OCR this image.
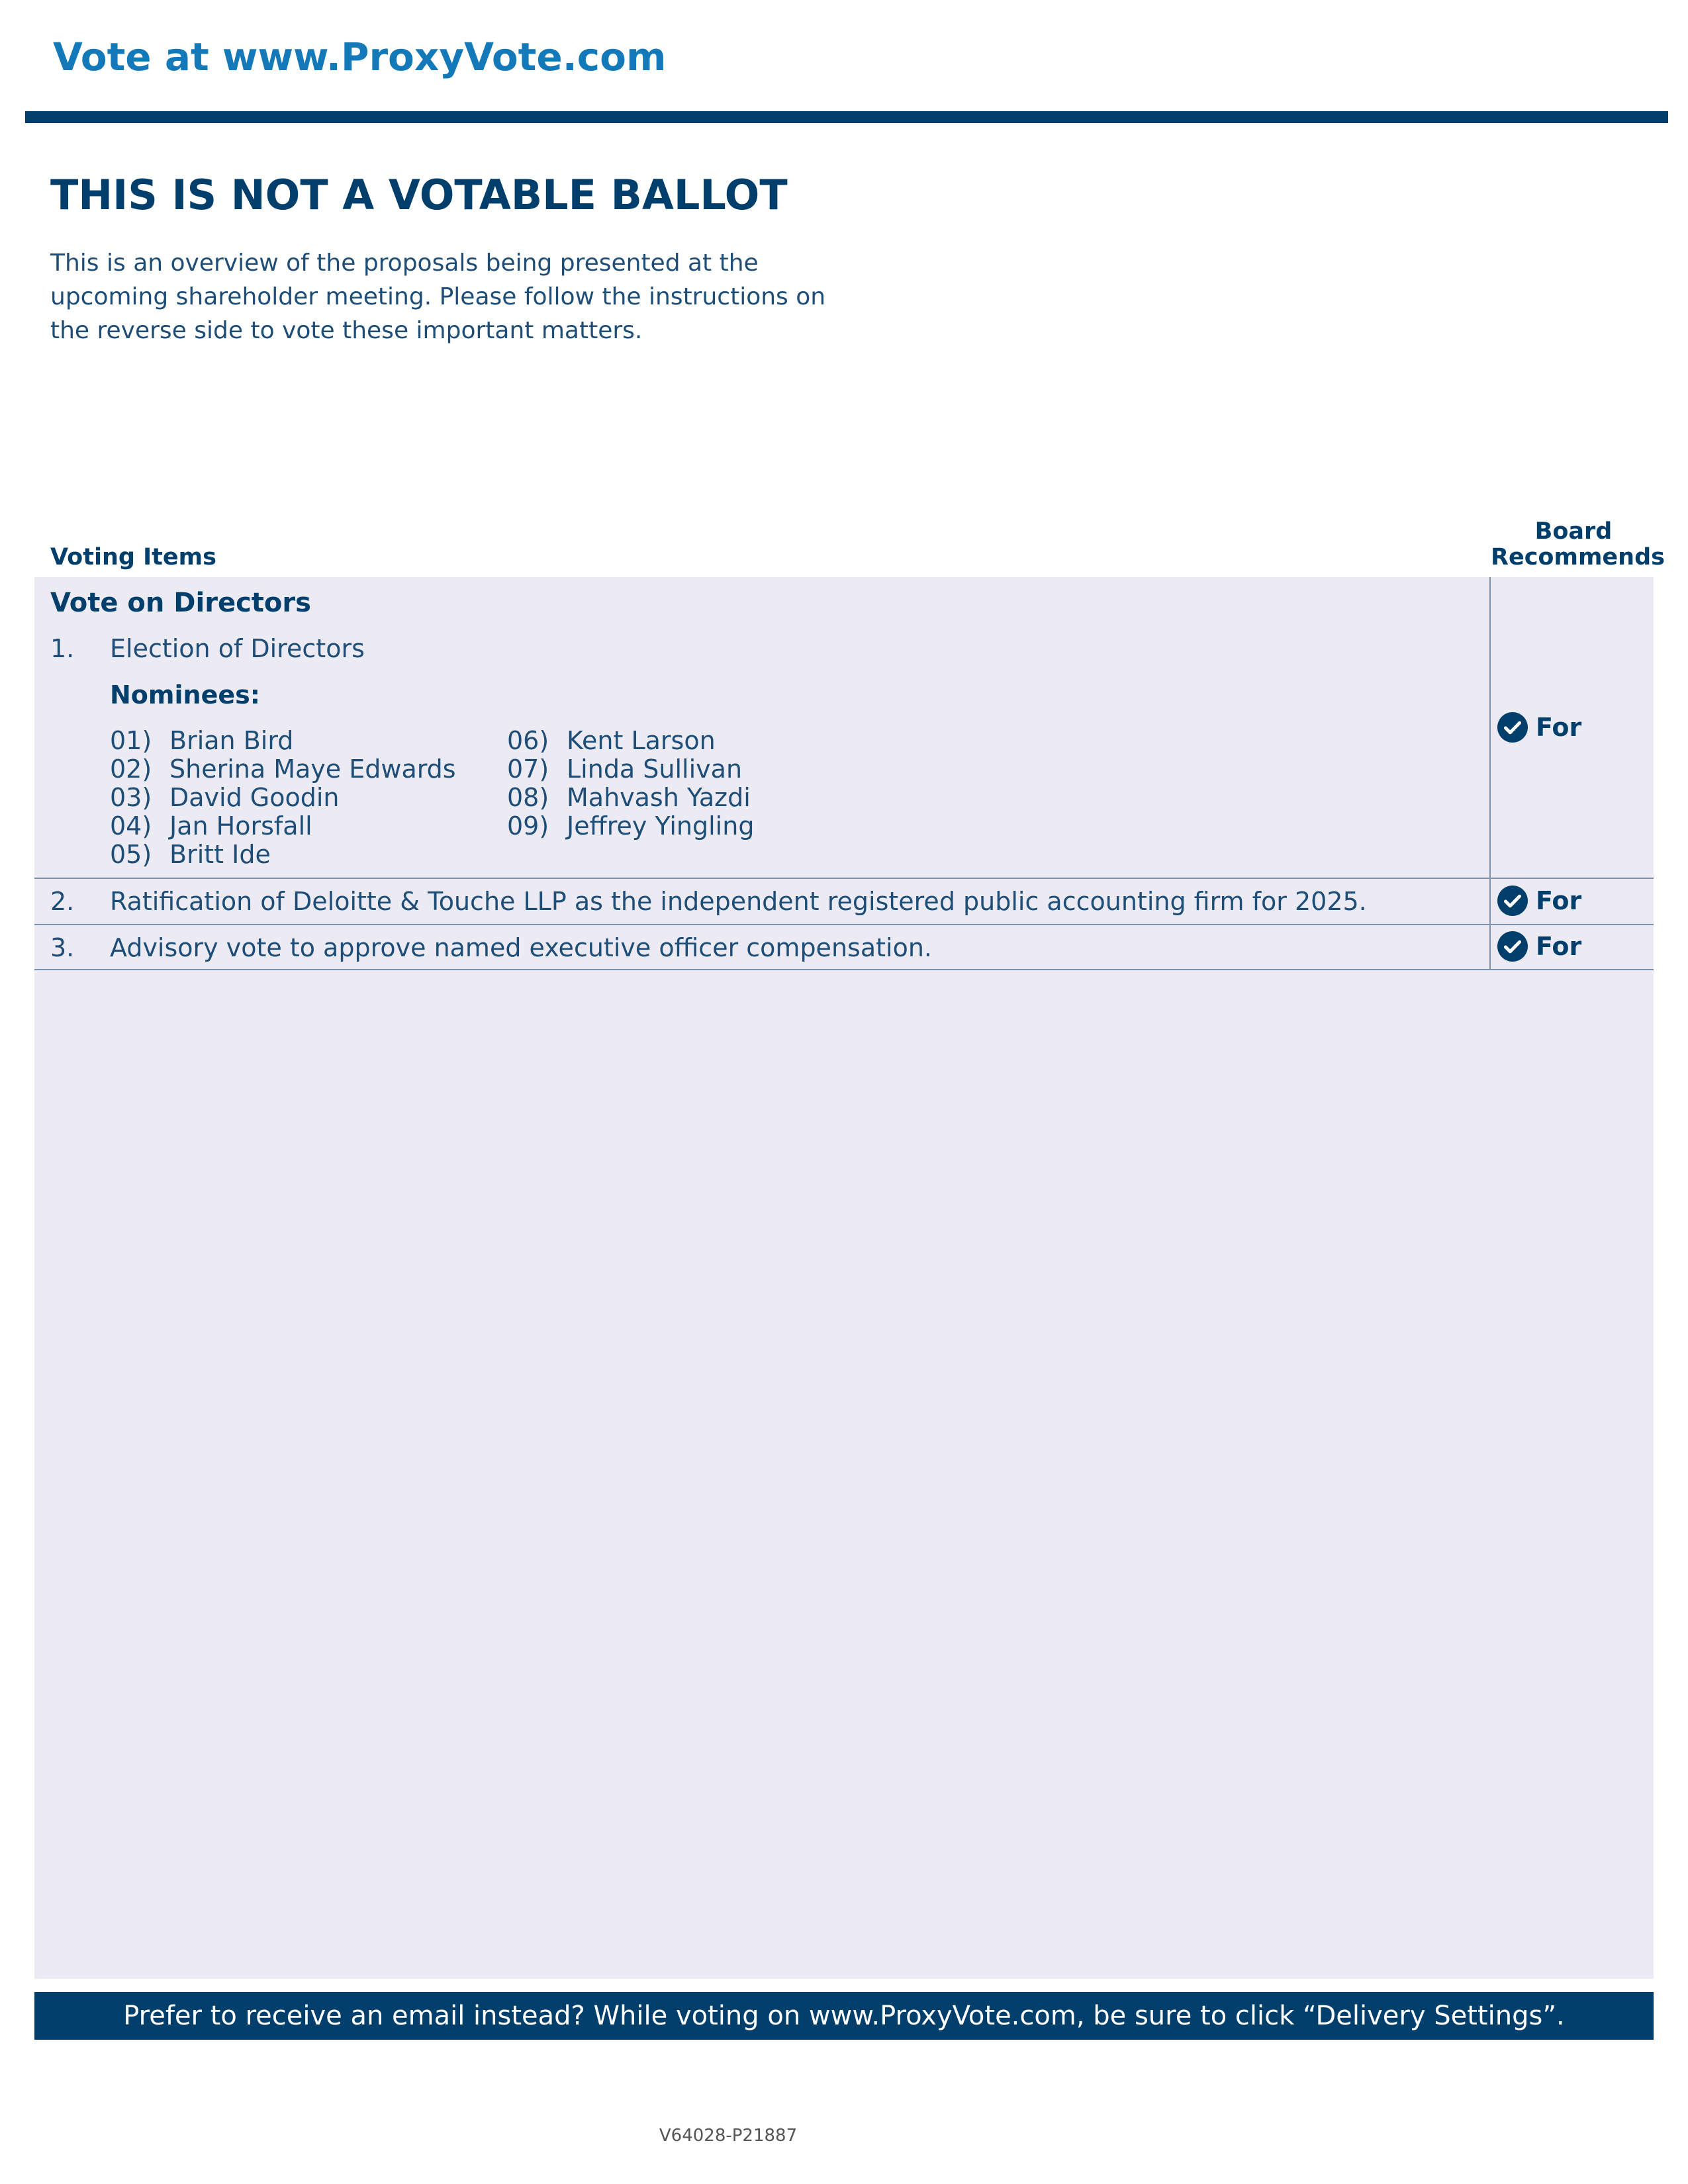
Vote at www.ProxyVote.com
THIS IS NOT A VOTABLE BALLOT
This is an overview of the proposals being presented at the upcoming shareholder meeting. Please follow the instructions on the reverse side to vote these important matters.
Voting Items
Board
Recommends
Vote on Directors
1. Election of Directors
Nominees:
01) Brian Bird
02) Sherina Maye Edwards
03) David Goodin
04) Jan Horsfall
05) Britt Ide
06) Kent Larson
07) Linda Sullivan
08) Mahvash Yazdi
09) Jeffrey Yingling
For
2. Ratification of Deloitte & Touche LLP as the independent registered public accounting firm for 2025.	For
3. Advisory vote to approve named executive officer compensation.	For
Prefer to receive an email instead? While voting on www.ProxyVote.com, be sure to click “Delivery Settings”.
V64028-P21887
